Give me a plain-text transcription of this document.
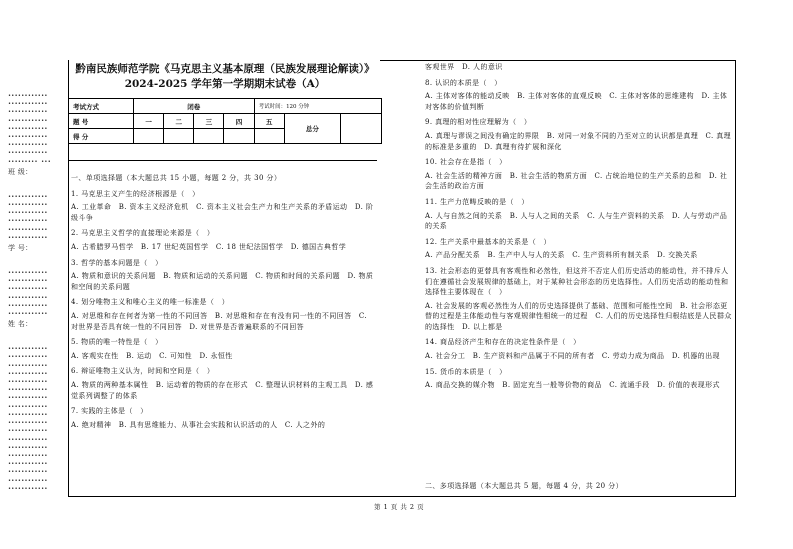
••••••••••••
••••••••••••
••••••••••••
••••••••••••
••••••••••••
••••••••••••
••••••••••••
••••••••••••
••••••••• •••
班 级：
••••••••••••
••••••••••••
••••••••••••
••••••••••••
••••••••••••
••••••••••••
学 号：
••••••••••••
••••••••••••
••••••••••••
••••••••••••
••••••••••••
••••••••••••
姓 名：
••••••••••••
••••••••••••
••••••••••••
••••••••••••
••••••••••••
••••••••••••
••••••••••••
••••••••••••
••••••••••••
••••••••••••
••••••••••••
••••••••••••
••••••••••••
••••••••••••
••••••••••••
••••••••••••
••••••••••••
••••••••••••
黔南民族师范学院《马克思主义基本原理（民族发展理论解读）》
2024-2025 学年第一学期期末试卷（A）
考试方式	闭卷				考试时间：120 分钟		
题 号	一	二	三	四	五	总分	
得 分							
一、单项选择题（本大题总共 15 小题，每题 2 分，共 30 分）
1. 马克思主义产生的经济根源是（　）
A. 工业革命　B. 资本主义经济危机　C. 资本主义社会生产力和生产关系的矛盾运动　D. 阶级斗争
2. 马克思主义哲学的直接理论来源是（　）
A. 古希腊罗马哲学　B. 17 世纪英国哲学　C. 18 世纪法国哲学　D. 德国古典哲学
3. 哲学的基本问题是（　）
A. 物质和意识的关系问题　B. 物质和运动的关系问题　C. 物质和时间的关系问题　D. 物质和空间的关系问题
4. 划分唯物主义和唯心主义的唯一标准是（　）
A. 对思维和存在何者为第一性的不同回答　B. 对思维和存在有没有同一性的不同回答　C. 对世界是否具有统一性的不同回答　D. 对世界是否普遍联系的不同回答
5. 物质的唯一特性是（　）
A. 客观实在性　B. 运动　C. 可知性　D. 永恒性
6. 辩证唯物主义认为，时间和空间是（　）
A. 物质的两种基本属性　B. 运动着的物质的存在形式　C. 整理认识材料的主观工具　D. 感觉系列调整了的体系
7. 实践的主体是（　）
A. 绝对精神　B. 具有思维能力、从事社会实践和认识活动的人　C. 人之外的
客观世界　D. 人的意识
8. 认识的本质是（　）
A. 主体对客体的能动反映　B. 主体对客体的直观反映　C. 主体对客体的思维建构　D. 主体对客体的价值判断
9. 真理的相对性应理解为（　）
A. 真理与谬误之间没有确定的界限　B. 对同一对象不同的乃至对立的认识都是真理　C. 真理的标准是多重的　D. 真理有待扩展和深化
10. 社会存在是指（　）
A. 社会生活的精神方面　B. 社会生活的物质方面　C. 占统治地位的生产关系的总和　D. 社会生活的政治方面
11. 生产力范畴反映的是（　）
A. 人与自然之间的关系　B. 人与人之间的关系　C. 人与生产资料的关系　D. 人与劳动产品的关系
12. 生产关系中最基本的关系是（　）
A. 产品分配关系　B. 生产中人与人的关系　C. 生产资料所有制关系　D. 交换关系
13. 社会形态的更替具有客观性和必然性，但这并不否定人们历史活动的能动性，并不排斥人们在遵循社会发展规律的基础上，对于某种社会形态的历史选择性。人们历史活动的能动性和选择性主要体现在（　）
A. 社会发展的客观必然性为人们的历史选择提供了基础、范围和可能性空间　B. 社会形态更替的过程是主体能动性与客观规律性相统一的过程　C. 人们的历史选择性归根结底是人民群众的选择性　D. 以上都是
14. 商品经济产生和存在的决定性条件是（　）
A. 社会分工　B. 生产资料和产品属于不同的所有者　C. 劳动力成为商品　D. 机器的出现
15. 货币的本质是（　）
A. 商品交换的媒介物　B. 固定充当一般等价物的商品　C. 流通手段　D. 价值的表现形式
二、多项选择题（本大题总共 5 题，每题 4 分，共 20 分）
第 1 页 共 2 页
